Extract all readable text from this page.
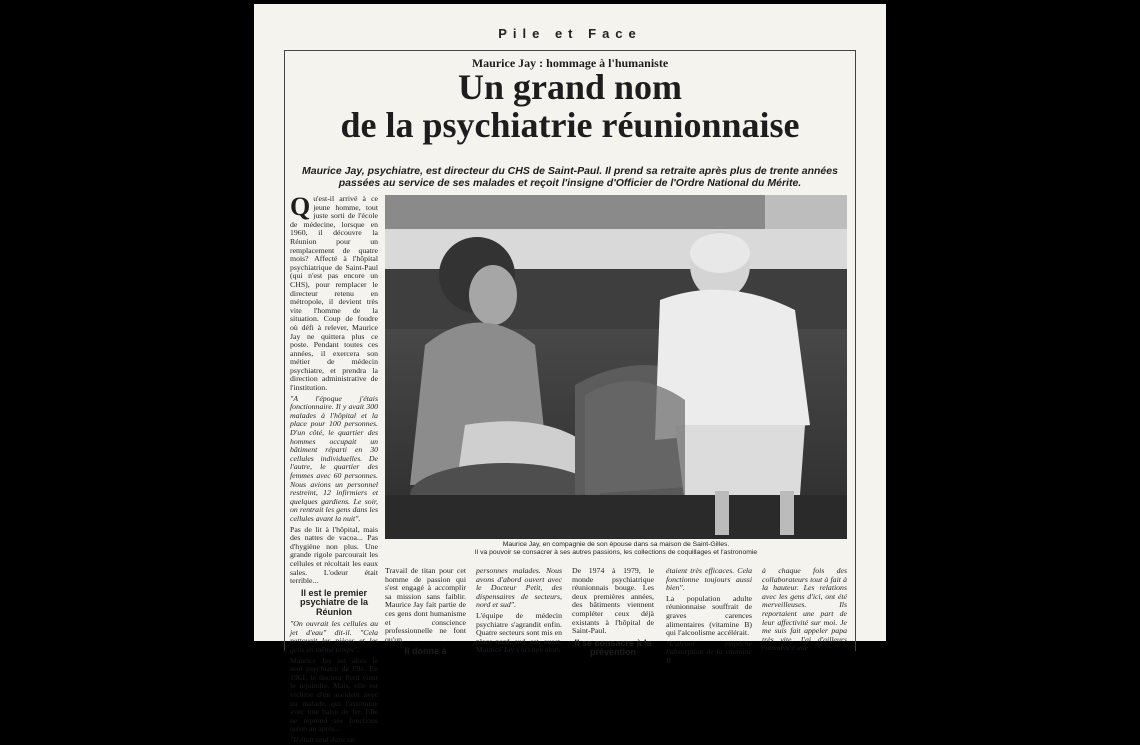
Pile et Face
Maurice Jay : hommage à l'humaniste
Un grand nom
de la psychiatrie réunionnaise
Maurice Jay, psychiatre, est directeur du CHS de Saint-Paul. Il prend sa retraite après plus de trente années passées au service de ses malades et reçoit l'insigne d'Officier de l'Ordre National du Mérite.
Maurice Jay, en compagnie de son épouse dans sa maison de Saint-Gilles.
Il va pouvoir se consacrer à ses autres passions, les collections de coquillages et l'astronomie

Qu'est-il arrivé à ce jeune homme, tout juste sorti de l'école de médecine, lorsque en 1960, il découvre la Réunion pour un remplacement de quatre mois? Affecté à l'hôpital psychiatrique de Saint-Paul (qui n'est pas encore un CHS), pour remplacer le directeur retenu en métropole, il devient très vite l'homme de la situation. Coup de foudre où défi à relever, Maurice Jay ne quittera plus ce poste. Pendant toutes ces années, il exercera son métier de médecin psychiatre, et prendra la direction administrative de l'institution.

"A l'époque j'étais fonctionnaire. Il y avait 300 malades à l'hôpital et la place pour 100 personnes. D'un côté, le quartier des hommes occupait un bâtiment réparti en 30 cellules individuelles. De l'autre, le quartier des femmes avec 60 personnes. Nous avions un personnel restreint, 12 infirmiers et quelques gardiens. Le soir, on rentrait les gens dans les cellules avant la nuit".

Pas de lit à l'hôpital, mais des nattes de vacoa... Pas d'hygiène non plus. Une grande rigole parcourait les cellules et récoltait les eaux sales. L'odeur était terrible...

Il est le premier psychiatre de la Réunion

"On ouvrait les cellules au jet d'eau" dit-il. "Cela nettoyait les pièces et les gens en même temps".

Maurice Jay est alors le seul psychiatre de l'île. En 1961, le docteur Petit vient le rejoindre. Mais, elle est victime d'un accident avec un malade, qui l'assomme avec une barre de fer. Elle ne reprend ses fonctions qu'un an après...

"Il était seul dans un

Travail de titan pour cet homme de passion qui s'est engagé à accomplir sa mission sans faiblir. Maurice Jay fait partie de ces gens dont humanisme et conscience professionnelle ne font qu'un.

Il donne à

personnes malades. Nous avons d'abord ouvert avec le Docteur Petit, des dispensaires de secteurs, nord et sud".

L'équipe de médecin psychiatre s'agrandit enfin. Quatre secteurs sont mis en place nord, sud, est, ouest. Maurice Jay s'occupe alors

De 1974 à 1979, le monde psychiatrique réunionnais bouge. Les deux premières années, des bâtiments viennent compléter ceux déjà existants à l'hôpital de Saint-Paul.

Il se consacre à la prévention

étaient très efficaces. Cela fonctionne toujours aussi bien".

La population adulte réunionnaise souffrait de graves carences alimentaires (vitamine B) qui l'alcoolisme accélérait.

"L'alcool empêche l'absorption de la vitamine B

à chaque fois des collaborateurs tout à fait à la hauteur. Les relations avec les gens d'ici, ont été merveilleuses. Ils reportaient une part de leur affectivité sur moi. Je me suis fait appeler papa très vite. J'ai d'ailleurs commencé une
